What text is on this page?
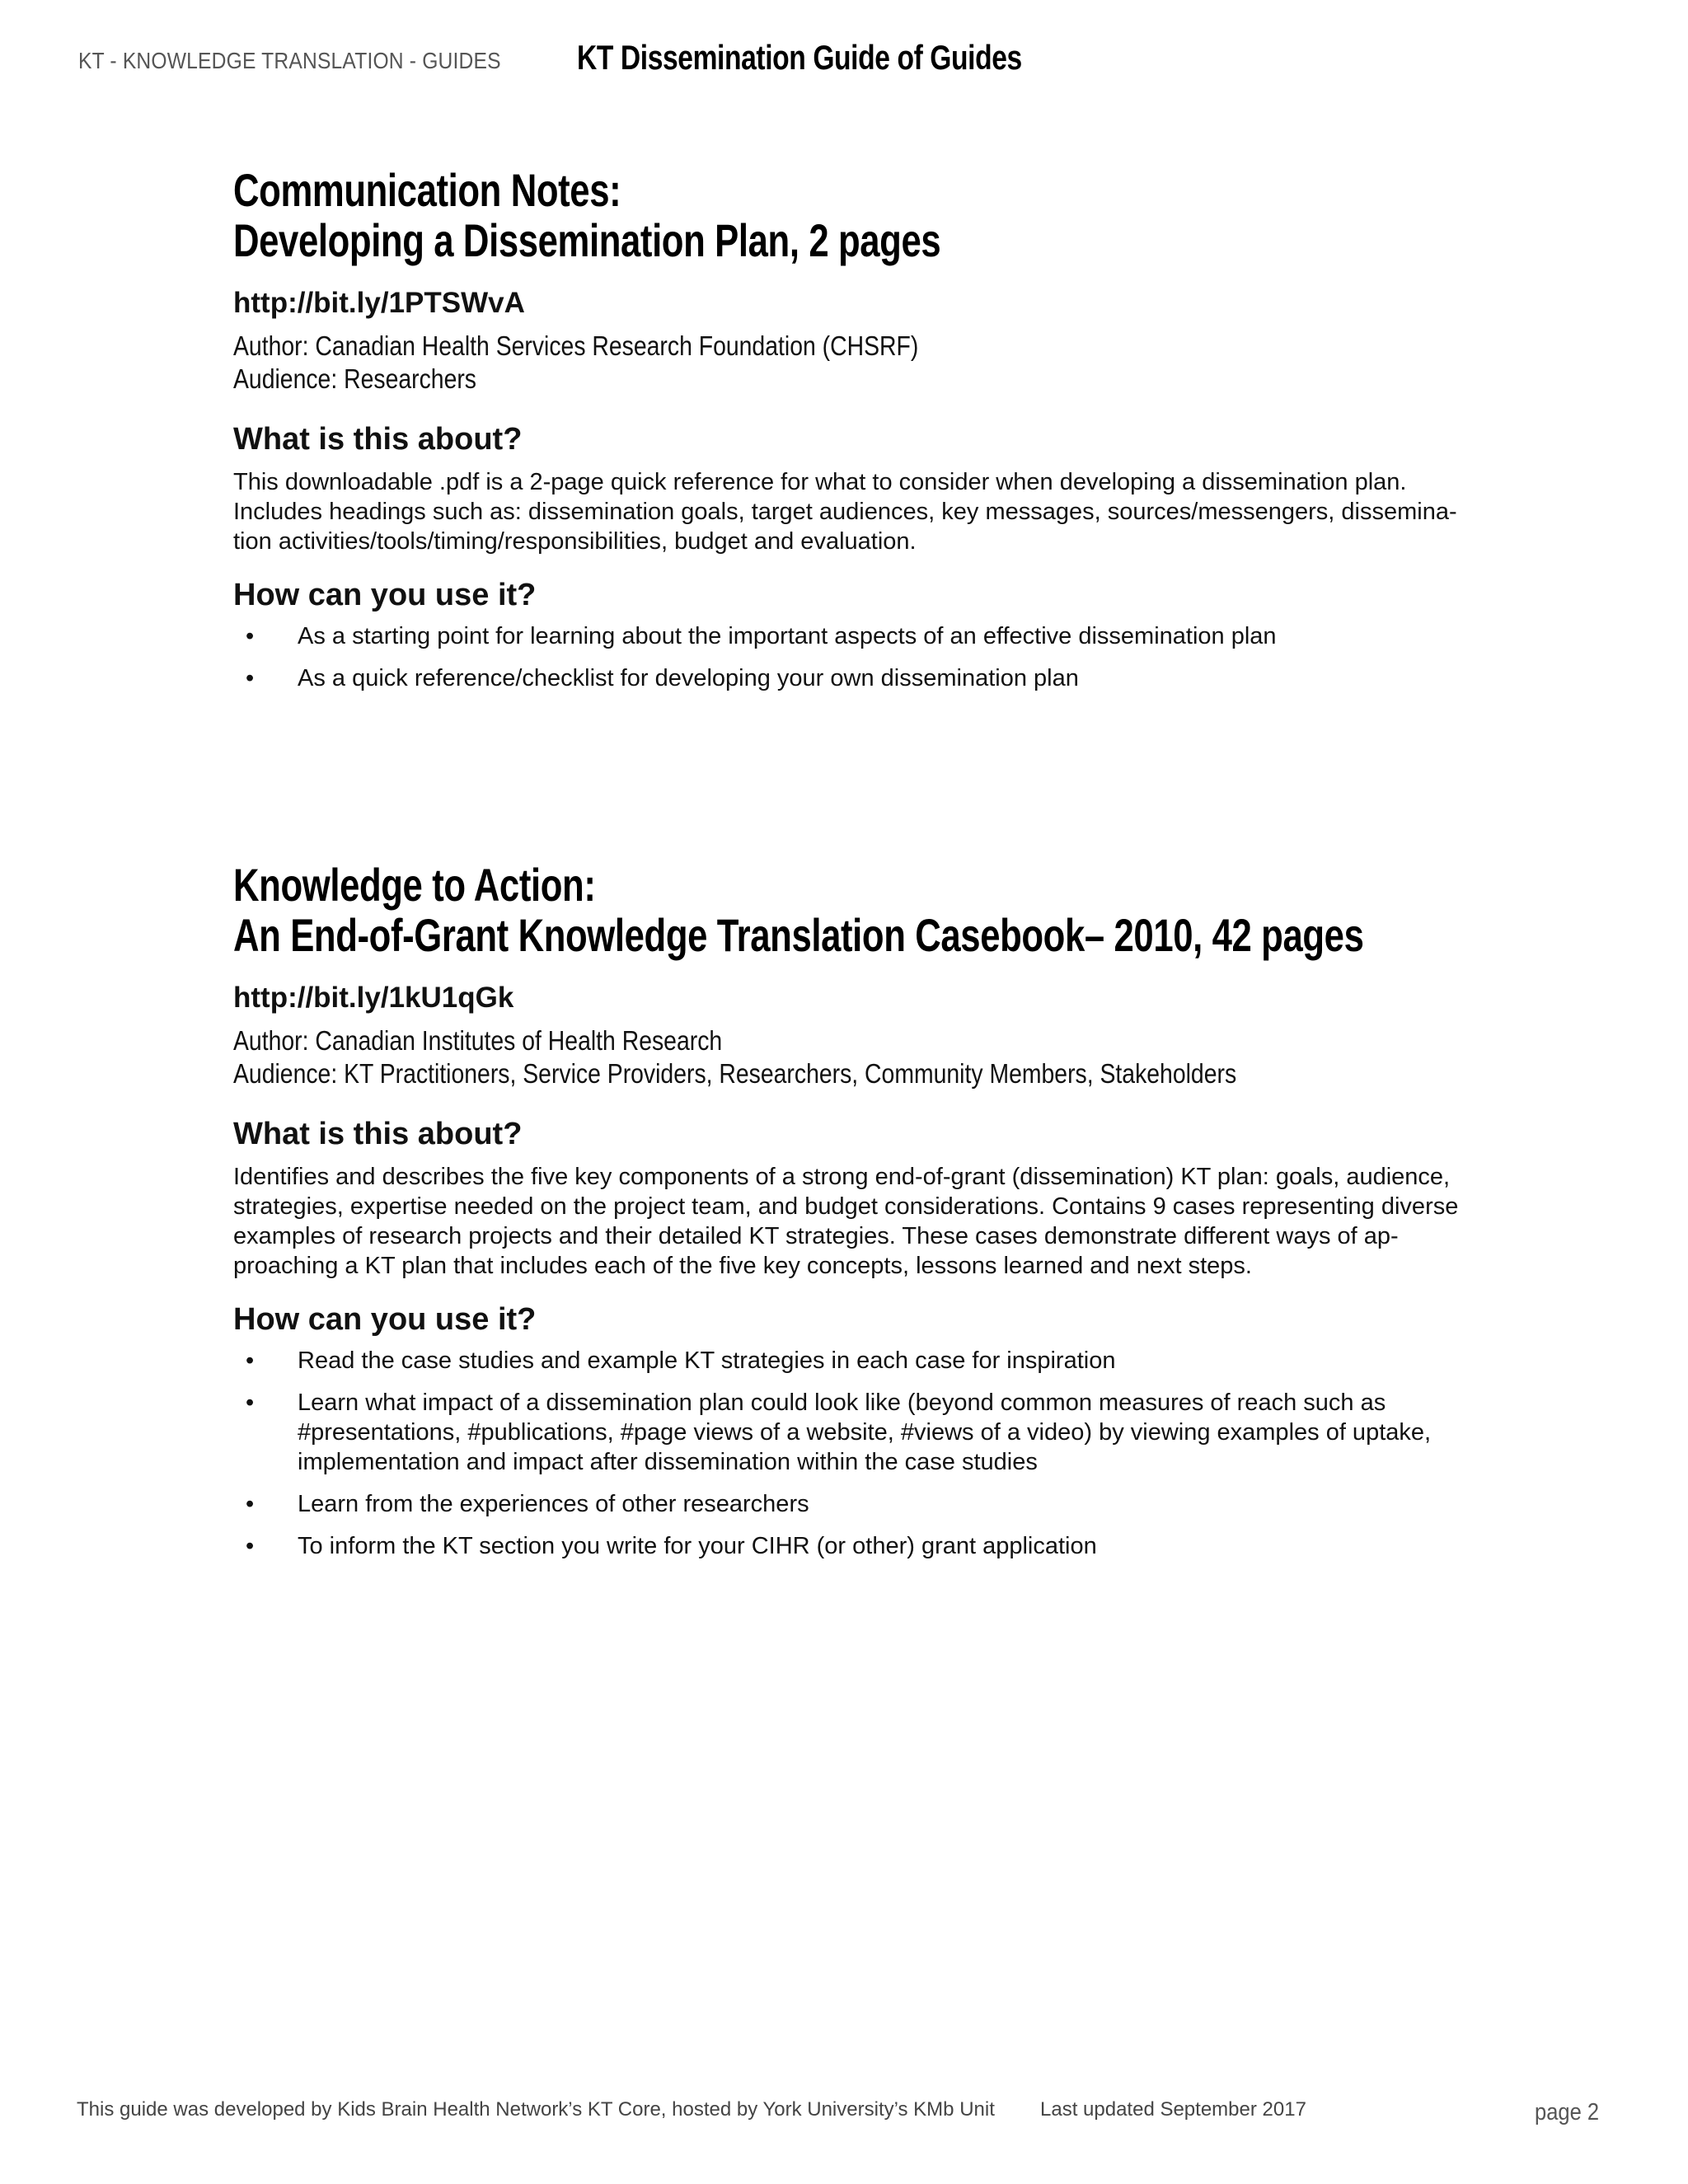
KT - KNOWLEDGE TRANSLATION - GUIDES KT Dissemination Guide of Guides
Communication Notes:
Developing a Dissemination Plan, 2 pages
http://bit.ly/1PTSWvA
Author: Canadian Health Services Research Foundation (CHSRF)
Audience: Researchers
What is this about?
This downloadable .pdf is a 2-page quick reference for what to consider when developing a dissemination plan.
Includes headings such as: dissemination goals, target audiences, key messages, sources/messengers, dissemina-
tion activities/tools/timing/responsibilities, budget and evaluation.
How can you use it?
• As a starting point for learning about the important aspects of an effective dissemination plan
• As a quick reference/checklist for developing your own dissemination plan
Knowledge to Action:
An End-of-Grant Knowledge Translation Casebook– 2010, 42 pages
http://bit.ly/1kU1qGk
Author: Canadian Institutes of Health Research
Audience: KT Practitioners, Service Providers, Researchers, Community Members, Stakeholders
What is this about?
Identifies and describes the five key components of a strong end-of-grant (dissemination) KT plan: goals, audience,
strategies, expertise needed on the project team, and budget considerations. Contains 9 cases representing diverse
examples of research projects and their detailed KT strategies. These cases demonstrate different ways of ap-
proaching a KT plan that includes each of the five key concepts, lessons learned and next steps.
How can you use it?
• Read the case studies and example KT strategies in each case for inspiration
• Learn what impact of a dissemination plan could look like (beyond common measures of reach such as
#presentations, #publications, #page views of a website, #views of a video) by viewing examples of uptake,
implementation and impact after dissemination within the case studies
• Learn from the experiences of other researchers
• To inform the KT section you write for your CIHR (or other) grant application
This guide was developed by Kids Brain Health Network’s KT Core, hosted by York University’s KMb Unit Last updated September 2017	page 2
